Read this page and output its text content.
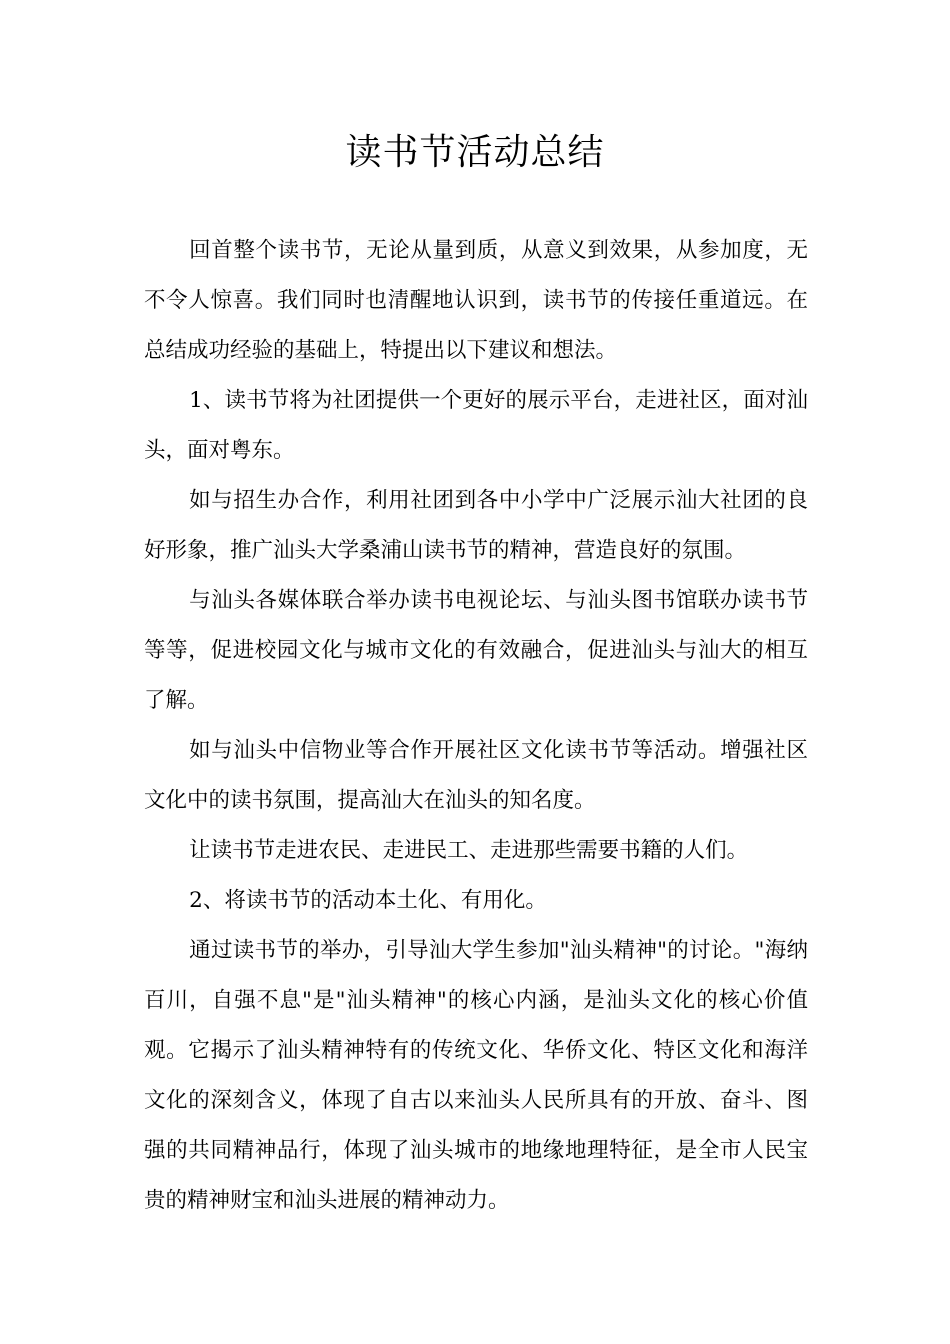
读书节活动总结

回首整个读书节，无论从量到质，从意义到效果，从参加度，无不令人惊喜。我们同时也清醒地认识到，读书节的传接任重道远。在总结成功经验的基础上，特提出以下建议和想法。

1、读书节将为社团提供一个更好的展示平台，走进社区，面对汕头，面对粤东。

如与招生办合作，利用社团到各中小学中广泛展示汕大社团的良好形象，推广汕头大学桑浦山读书节的精神，营造良好的氛围。

与汕头各媒体联合举办读书电视论坛、与汕头图书馆联办读书节等等，促进校园文化与城市文化的有效融合，促进汕头与汕大的相互了解。

如与汕头中信物业等合作开展社区文化读书节等活动。增强社区文化中的读书氛围，提高汕大在汕头的知名度。

让读书节走进农民、走进民工、走进那些需要书籍的人们。

2、将读书节的活动本土化、有用化。

通过读书节的举办，引导汕大学生参加"汕头精神"的讨论。"海纳百川，自强不息"是"汕头精神"的核心内涵，是汕头文化的核心价值观。它揭示了汕头精神特有的传统文化、华侨文化、特区文化和海洋文化的深刻含义，体现了自古以来汕头人民所具有的开放、奋斗、图强的共同精神品行，体现了汕头城市的地缘地理特征，是全市人民宝贵的精神财宝和汕头进展的精神动力。
